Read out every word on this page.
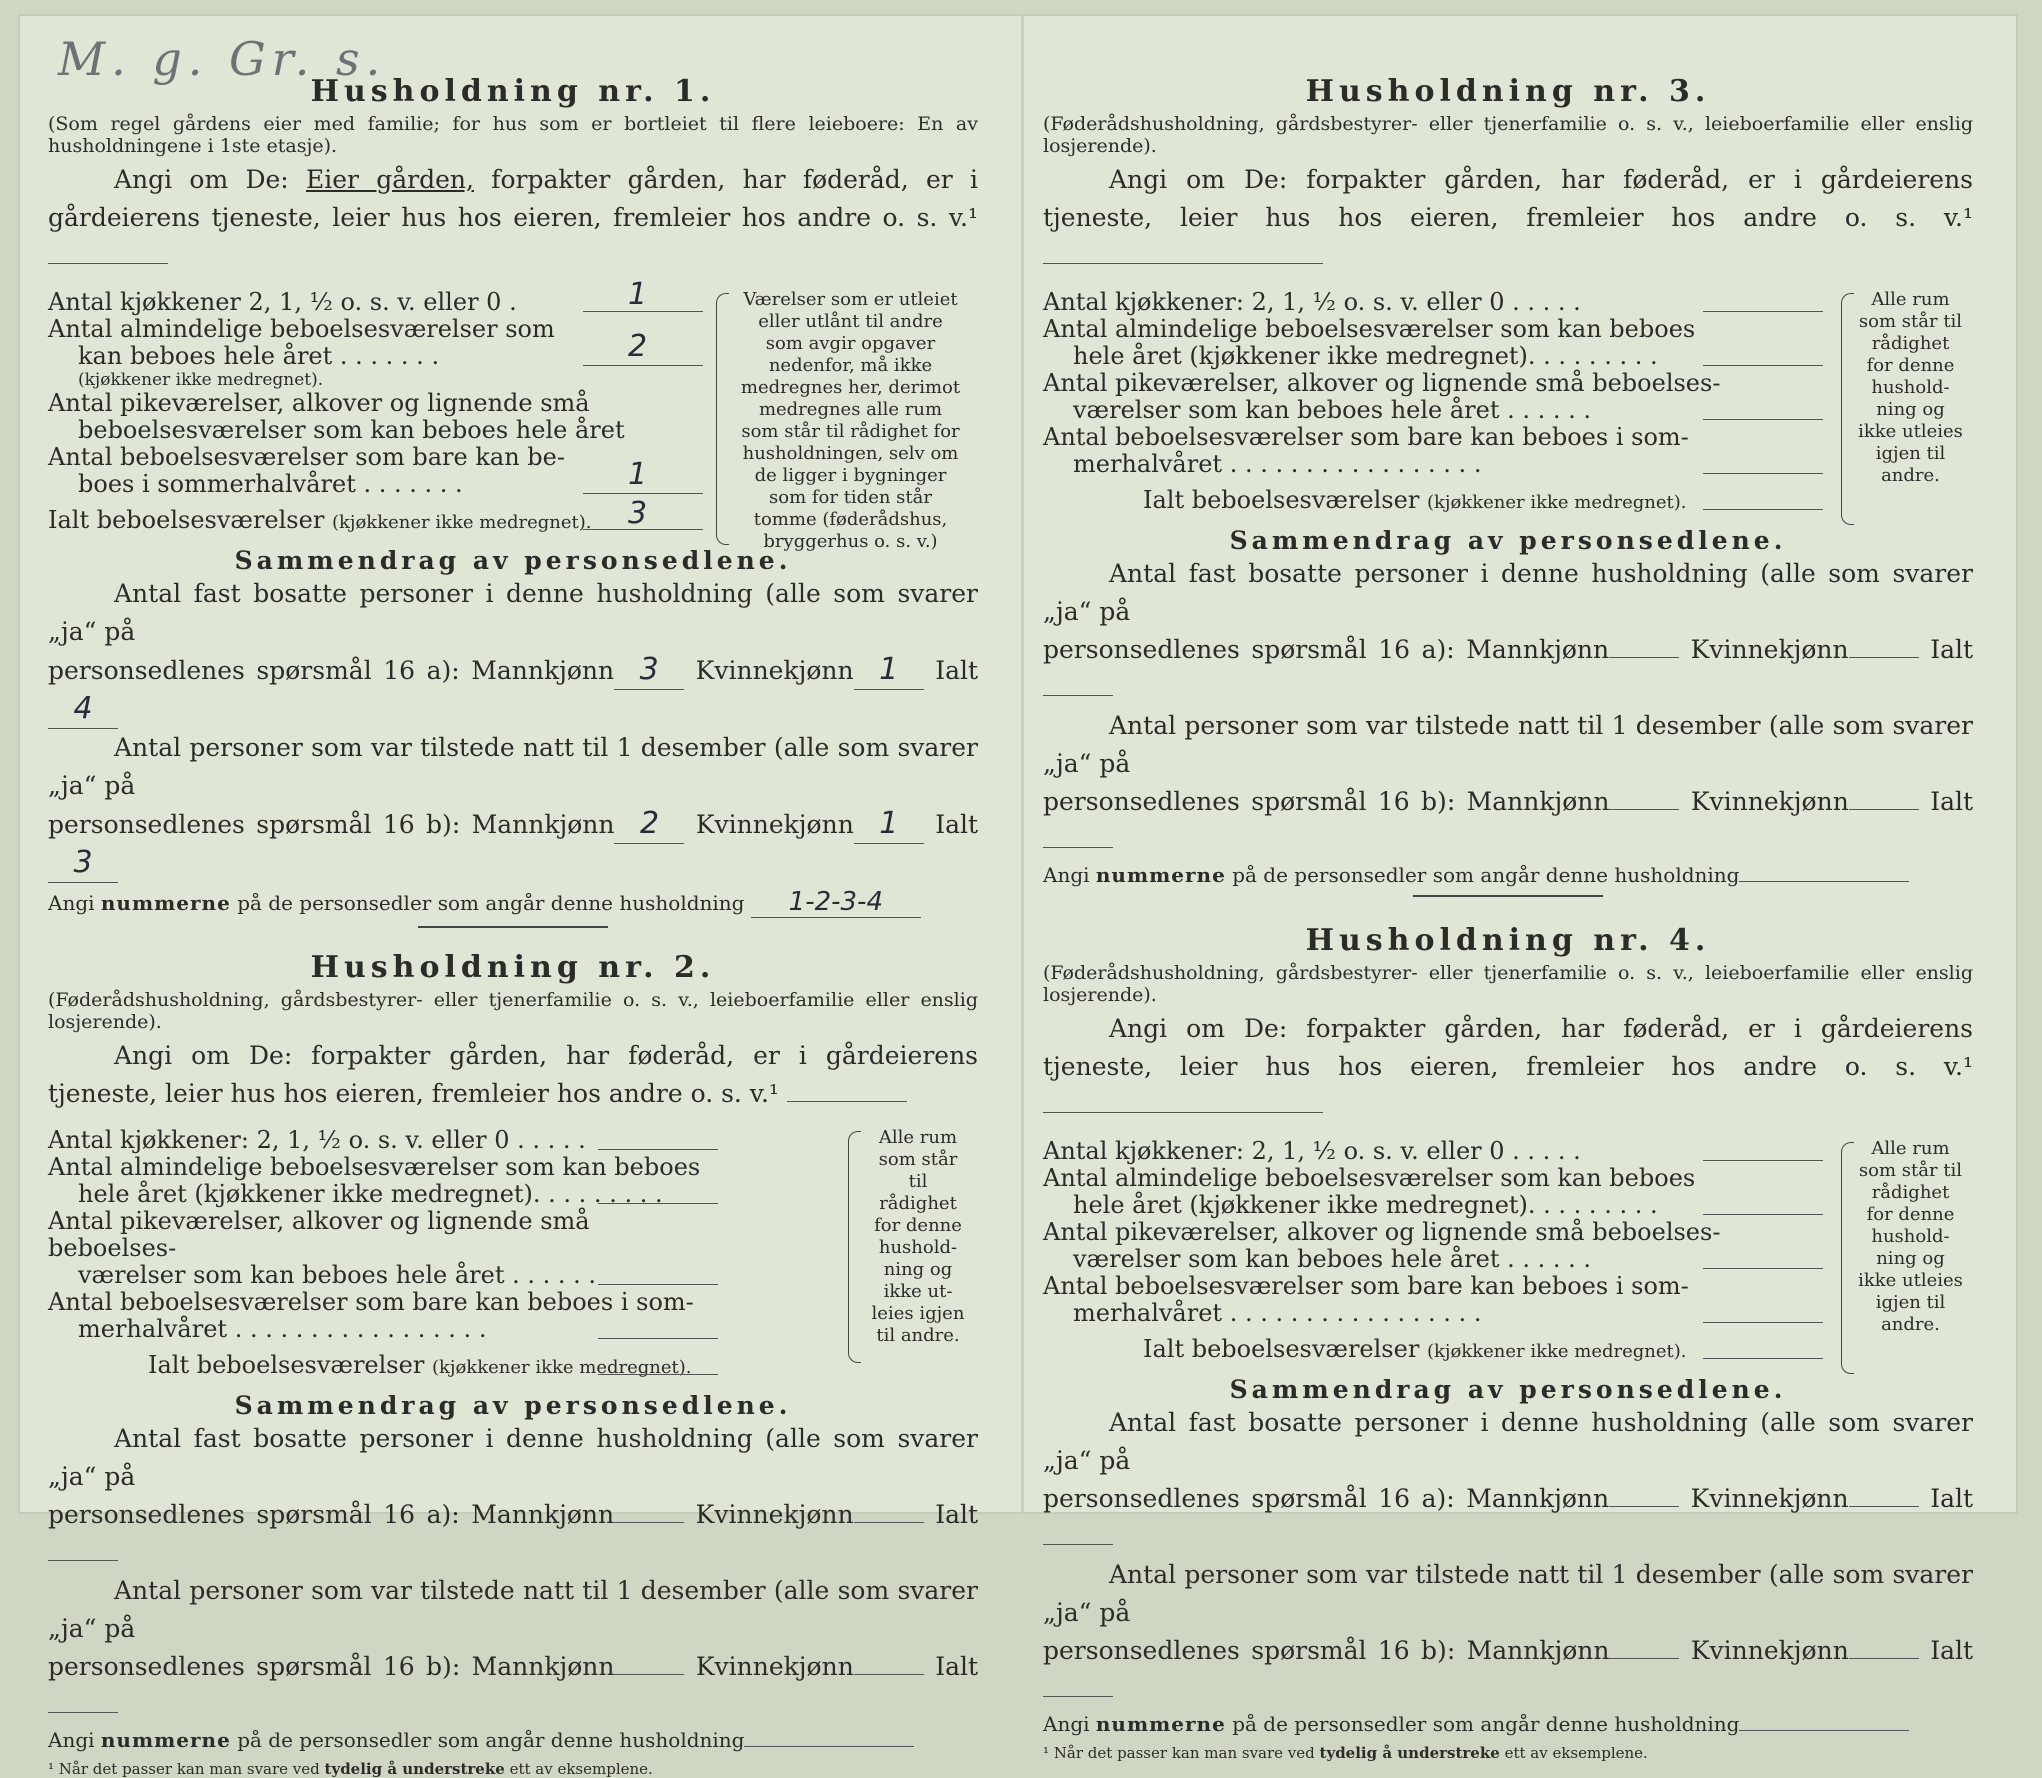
M. g. Gr. s.
Husholdning nr. 1.

(Som regel gårdens eier med familie; for hus som er bortleiet til flere leieboere: En av husholdningene i 1ste etasje).

Angi om De: Eier gården, forpakter gården, har føderåd, er i gårdeierens tjeneste, leier hus hos eieren, fremleier hos andre o. s. v.¹

Antal kjøkkener 2, 1, ½ o. s. v. eller 0 .	1
Antal almindelige beboelsesværelser som
kan beboes hele året . . . . . . .	2
(kjøkkener ikke medregnet).
Antal pikeværelser, alkover og lignende små
beboelsesværelser som kan beboes hele året
Antal beboelsesværelser som bare kan be-
boes i sommerhalvåret . . . . . . .	1
Ialt beboelsesværelser (kjøkkener ikke medregnet). 3
Værelser som er utleiet eller utlånt til andre som avgir opgaver nedenfor, må ikke medregnes her, derimot medregnes alle rum som står til rådighet for husholdningen, selv om de ligger i bygninger som for tiden står tomme (føderådshus, bryggerhus o. s. v.)
Sammendrag av personsedlene.

Antal fast bosatte personer i denne husholdning (alle som svarer „ja“ på

personsedlenes spørsmål 16 a): Mannkjønn 3 Kvinnekjønn 1 Ialt4

Antal personer som var tilstede natt til 1 desember (alle som svarer „ja“ på

personsedlenes spørsmål 16 b): Mannkjønn 2 Kvinnekjønn 1 Ialt3

Angi nummerne på de personsedler som angår denne husholdning 1-2-3-4
Husholdning nr. 2.

(Føderådshusholdning, gårdsbestyrer- eller tjenerfamilie o. s. v., leieboerfamilie eller enslig losjerende).

Angi om De: forpakter gården, har føderåd, er i gårdeierens tjeneste, leier hus hos eieren, fremleier hos andre o. s. v.¹

Antal kjøkkener: 2, 1, ½ o. s. v. eller 0 . . . . .
Antal almindelige beboelsesværelser som kan beboes
hele året (kjøkkener ikke medregnet). . . . . . . . .
Antal pikeværelser, alkover og lignende små beboelses-
værelser som kan beboes hele året . . . . . .
Antal beboelsesværelser som bare kan beboes i som-
merhalvåret . . . . . . . . . . . . . . . . .
Ialt beboelsesværelser (kjøkkener ikke medregnet).
Alle rum som står til rådighet for denne husholdning og ikke utleies igjen til andre.
Sammendrag av personsedlene.

Antal fast bosatte personer i denne husholdning (alle som svarer „ja“ på

personsedlenes spørsmål 16 a): Mannkjønn	Kvinnekjønn	Ialt

Antal personer som var tilstede natt til 1 desember (alle som svarer „ja“ på

personsedlenes spørsmål 16 b): Mannkjønn	Kvinnekjønn	Ialt

Angi nummerne på de personsedler som angår denne husholdning
¹ Når det passer kan man svare ved tydelig å understreke ett av eksemplene.
Husholdning nr. 3.

(Føderådshusholdning, gårdsbestyrer- eller tjenerfamilie o. s. v., leieboerfamilie eller enslig losjerende).

Angi om De: forpakter gården, har føderåd, er i gårdeierens tjeneste, leier hus hos eieren, fremleier hos andre o. s. v.¹

Antal kjøkkener: 2, 1, ½ o. s. v. eller 0 . . . . .
Antal almindelige beboelsesværelser som kan beboes
hele året (kjøkkener ikke medregnet). . . . . . . . .
Antal pikeværelser, alkover og lignende små beboelses-
værelser som kan beboes hele året . . . . . .
Antal beboelsesværelser som bare kan beboes i som-
merhalvåret . . . . . . . . . . . . . . . . .
Ialt beboelsesværelser (kjøkkener ikke medregnet).
Alle rum som står til rådighet for denne husholdning og ikke utleies igjen til andre.
Sammendrag av personsedlene.

Antal fast bosatte personer i denne husholdning (alle som svarer „ja“ på

personsedlenes spørsmål 16 a): Mannkjønn	Kvinnekjønn	Ialt

Antal personer som var tilstede natt til 1 desember (alle som svarer „ja“ på

personsedlenes spørsmål 16 b): Mannkjønn	Kvinnekjønn	Ialt

Angi nummerne på de personsedler som angår denne husholdning
Husholdning nr. 4.

(Føderådshusholdning, gårdsbestyrer- eller tjenerfamilie o. s. v., leieboerfamilie eller enslig losjerende).

Angi om De: forpakter gården, har føderåd, er i gårdeierens tjeneste, leier hus hos eieren, fremleier hos andre o. s. v.¹

Antal kjøkkener: 2, 1, ½ o. s. v. eller 0 . . . . .
Antal almindelige beboelsesværelser som kan beboes
hele året (kjøkkener ikke medregnet). . . . . . . . .
Antal pikeværelser, alkover og lignende små beboelses-
værelser som kan beboes hele året . . . . . .
Antal beboelsesværelser som bare kan beboes i som-
merhalvåret . . . . . . . . . . . . . . . . .
Ialt beboelsesværelser (kjøkkener ikke medregnet).
Alle rum som står til rådighet for denne husholdning og ikke utleies igjen til andre.
Sammendrag av personsedlene.

Antal fast bosatte personer i denne husholdning (alle som svarer „ja“ på

personsedlenes spørsmål 16 a): Mannkjønn	Kvinnekjønn	Ialt

Antal personer som var tilstede natt til 1 desember (alle som svarer „ja“ på

personsedlenes spørsmål 16 b): Mannkjønn	Kvinnekjønn	Ialt

Angi nummerne på de personsedler som angår denne husholdning
¹ Når det passer kan man svare ved tydelig å understreke ett av eksemplene.
